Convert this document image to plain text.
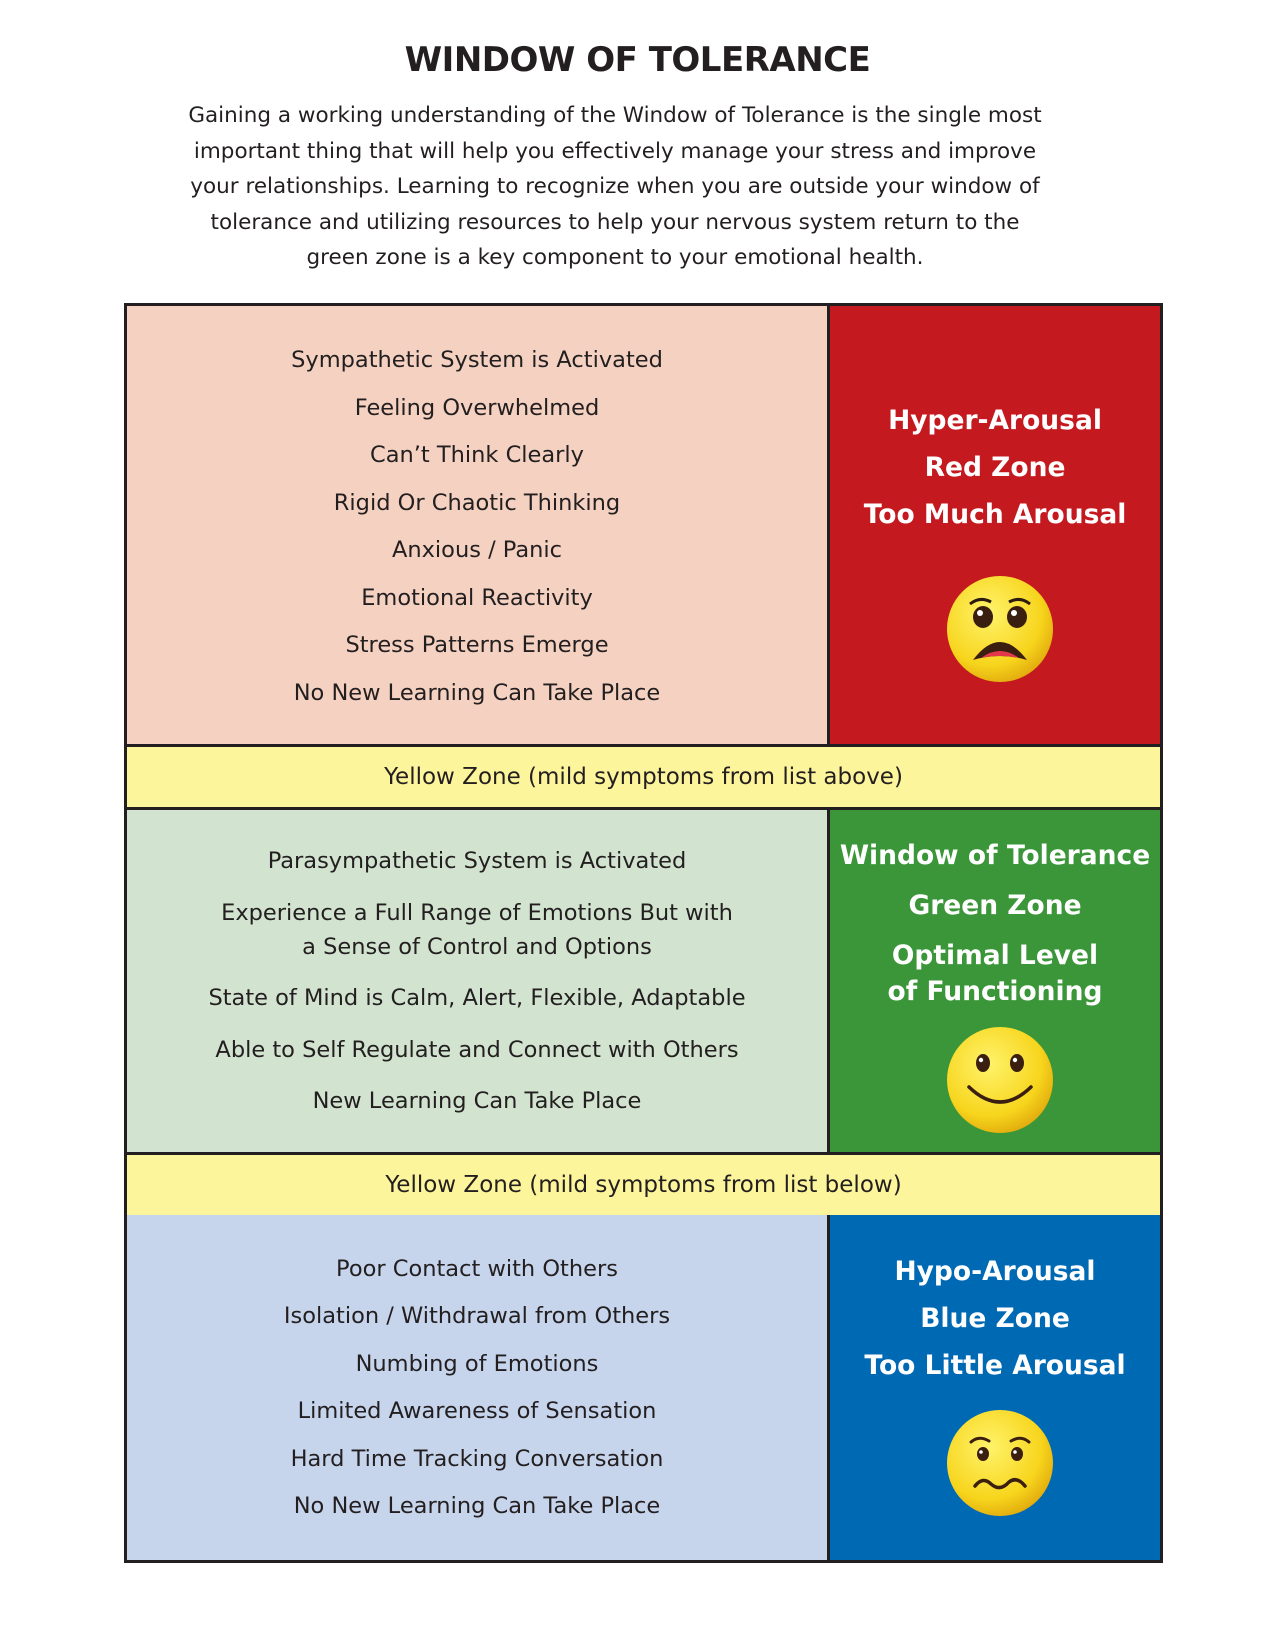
WINDOW OF TOLERANCE
Gaining a working understanding of the Window of Tolerance is the single most important thing that will help you effectively manage your stress and improve your relationships. Learning to recognize when you are outside your window of tolerance and utilizing resources to help your nervous system return to the green zone is a key component to your emotional health.
Sympathetic System is Activated
Feeling Overwhelmed
Can’t Think Clearly
Rigid Or Chaotic Thinking
Anxious / Panic
Emotional Reactivity
Stress Patterns Emerge
No New Learning Can Take Place
Hyper-Arousal
Red Zone
Too Much Arousal
Yellow Zone (mild symptoms from list above)
Parasympathetic System is Activated
Experience a Full Range of Emotions But with
a Sense of Control and Options
State of Mind is Calm, Alert, Flexible, Adaptable
Able to Self Regulate and Connect with Others
New Learning Can Take Place
Window of Tolerance
Green Zone
Optimal Level
of Functioning
Yellow Zone (mild symptoms from list below)
Poor Contact with Others
Isolation / Withdrawal from Others
Numbing of Emotions
Limited Awareness of Sensation
Hard Time Tracking Conversation
No New Learning Can Take Place
Hypo-Arousal
Blue Zone
Too Little Arousal
